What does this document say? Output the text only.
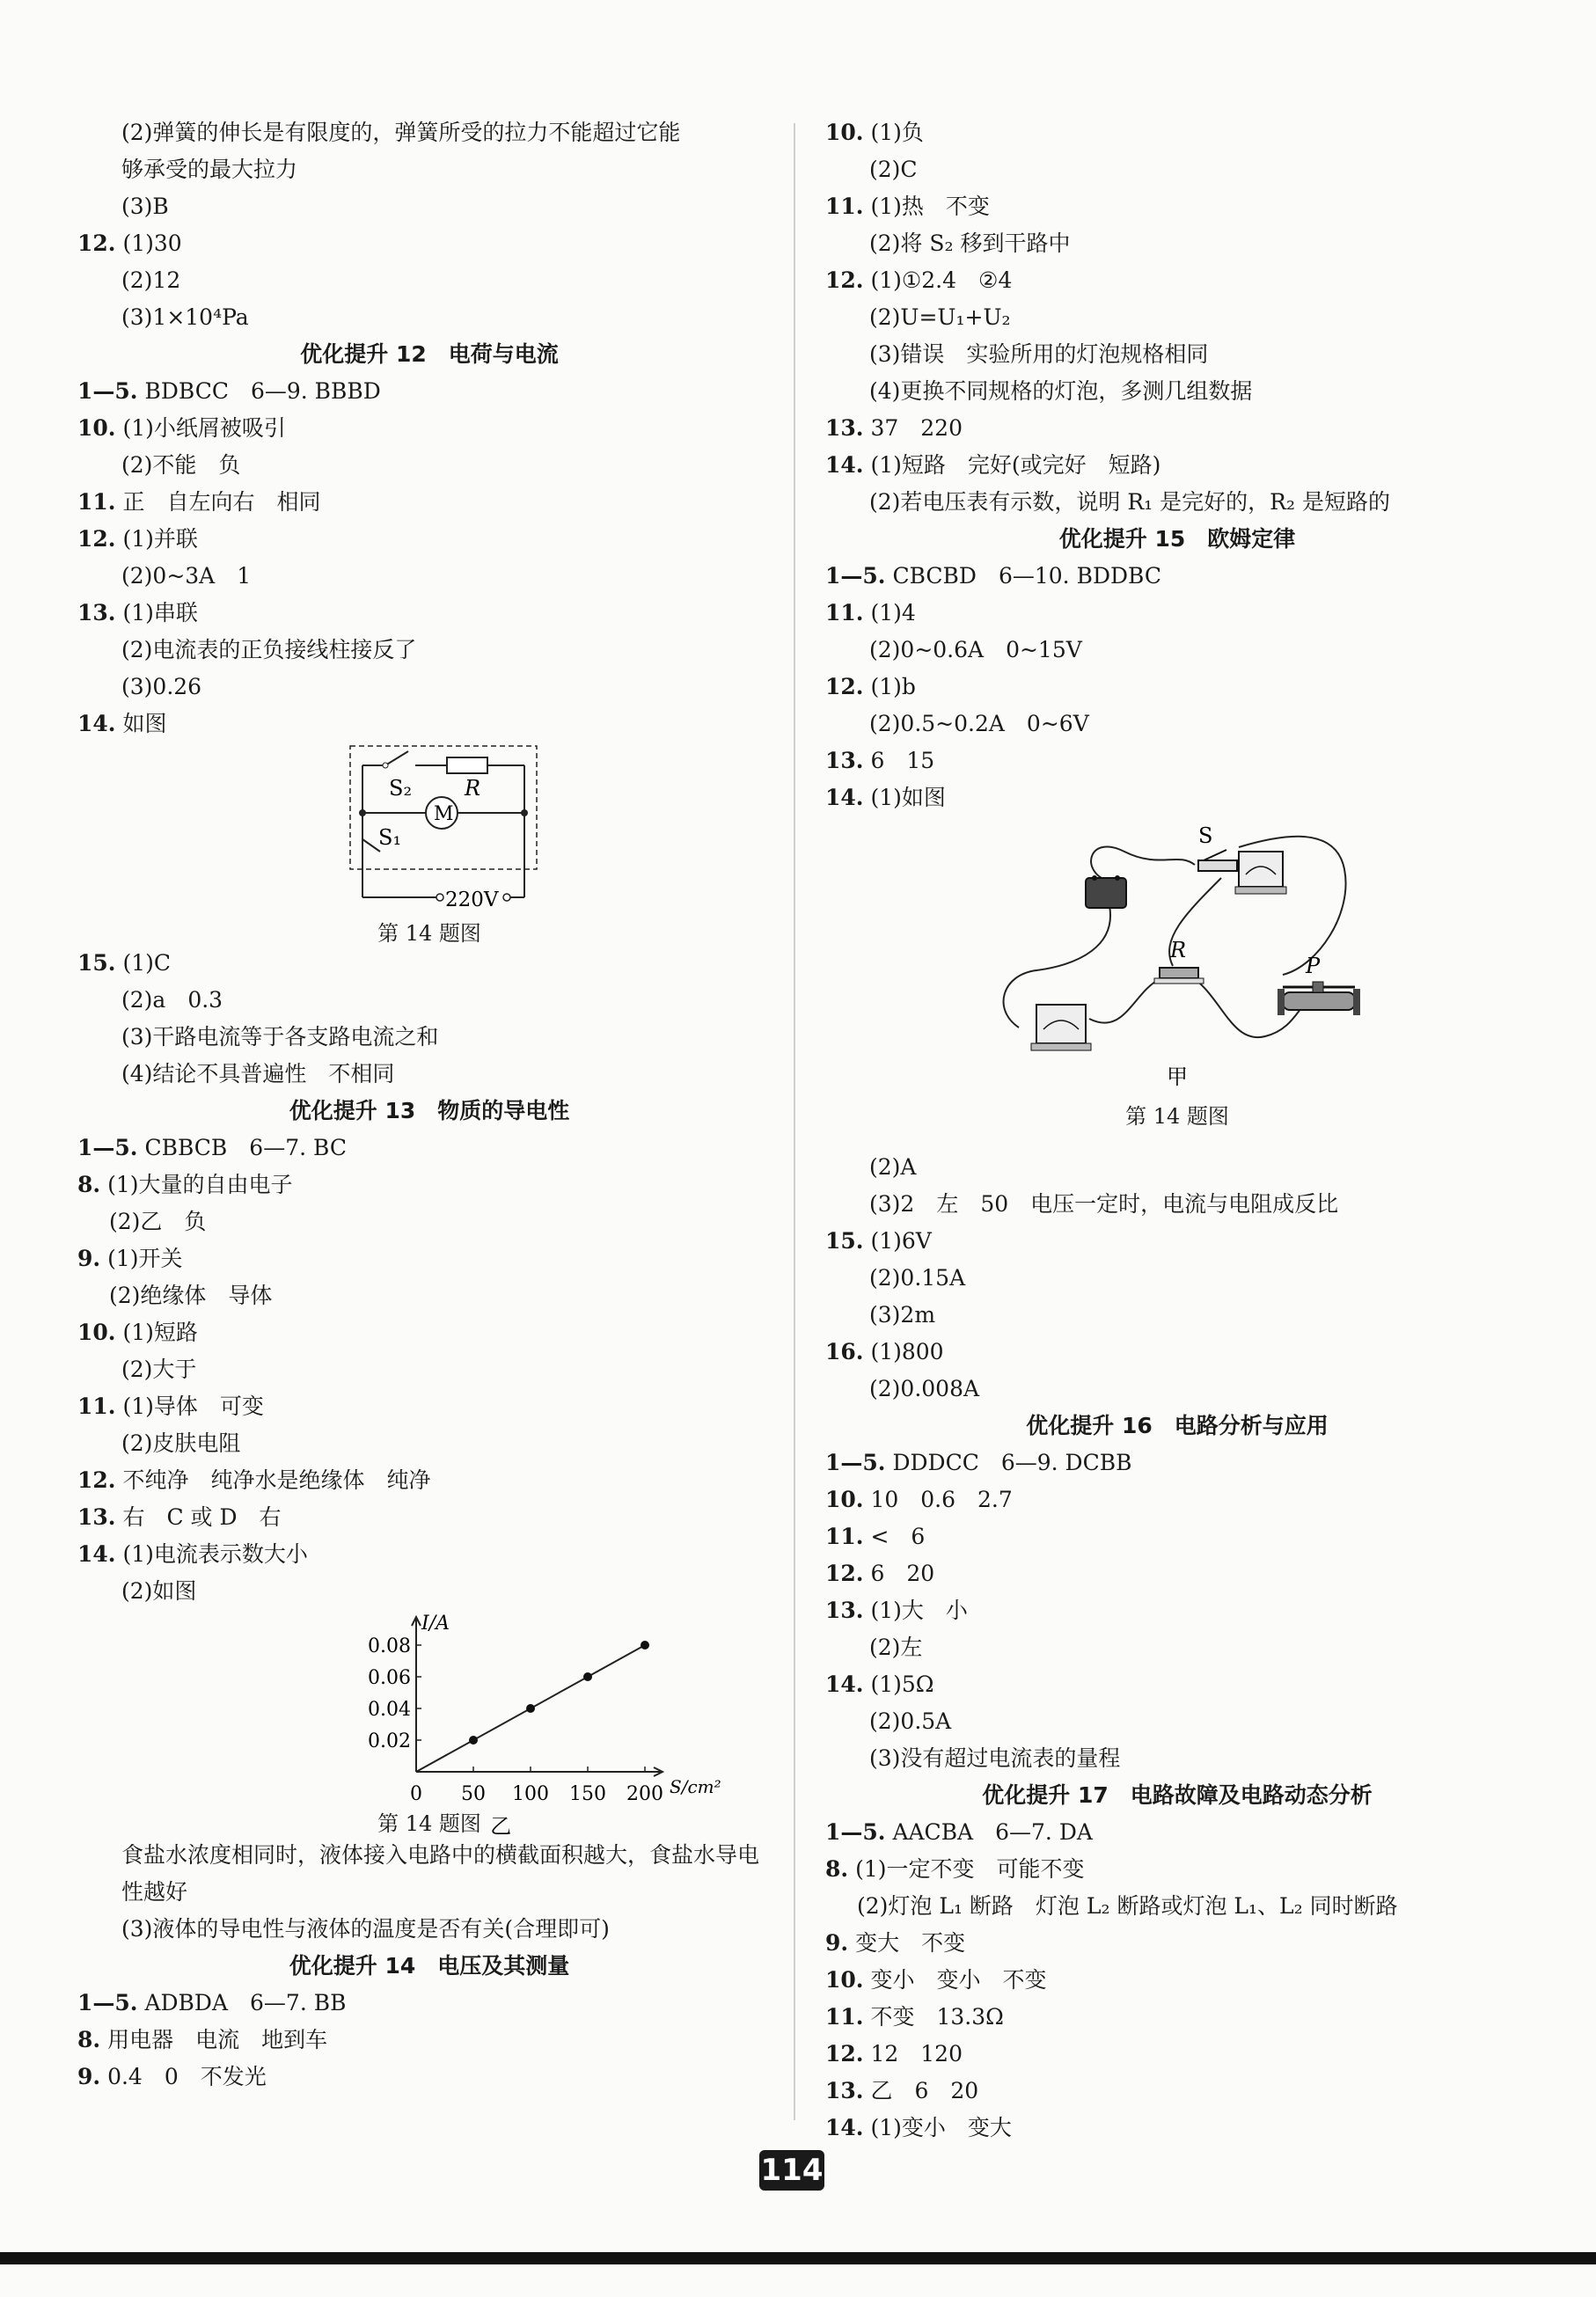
(2)弹簧的伸长是有限度的，弹簧所受的拉力不能超过它能
够承受的最大拉力
(3)B
12. (1)30
(2)12
(3)1×10⁴Pa
优化提升 12　电荷与电流
1—5. BDBCC　6—9. BBBD
10. (1)小纸屑被吸引
(2)不能　负
11. 正　自左向右　相同
12. (1)并联
(2)0~3A　1
13. (1)串联
(2)电流表的正负接线柱接反了
(3)0.26
14. 如图
S₂ R
M
S₁
220V
第 14 题图
15. (1)C
(2)a　0.3
(3)干路电流等于各支路电流之和
(4)结论不具普遍性　不相同
优化提升 13　物质的导电性
1—5. CBBCB　6—7. BC
8. (1)大量的自由电子
(2)乙　负
9. (1)开关
(2)绝缘体　导体
10. (1)短路
(2)大于
11. (1)导体　可变
(2)皮肤电阻
12. 不纯净　纯净水是绝缘体　纯净
13. 右　C 或 D　右
14. (1)电流表示数大小
(2)如图
I/A
S/cm²
0.02
0.04
0.06
0.08
0 50 100 150 200
乙
第 14 题图
食盐水浓度相同时，液体接入电路中的横截面积越大，食盐水导电性越好
(3)液体的导电性与液体的温度是否有关(合理即可)
优化提升 14　电压及其测量
1—5. ADBDA　6—7. BB
8. 用电器　电流　地到车
9. 0.4　0　不发光
10. (1)负
(2)C
11. (1)热　不变
(2)将 S₂ 移到干路中
12. (1)①2.4　②4
(2)U=U₁+U₂
(3)错误　实验所用的灯泡规格相同
(4)更换不同规格的灯泡，多测几组数据
13. 37　220
14. (1)短路　完好(或完好　短路)
(2)若电压表有示数，说明 R₁ 是完好的，R₂ 是短路的
优化提升 15　欧姆定律
1—5. CBCBD　6—10. BDDBC
11. (1)4
(2)0~0.6A　0~15V
12. (1)b
(2)0.5~0.2A　0~6V
13. 6　15
14. (1)如图
S
R
P
甲
第 14 题图
(2)A
(3)2　左　50　电压一定时，电流与电阻成反比
15. (1)6V
(2)0.15A
(3)2m
16. (1)800
(2)0.008A
优化提升 16　电路分析与应用
1—5. DDDCC　6—9. DCBB
10. 10　0.6　2.7
11. <　6
12. 6　20
13. (1)大　小
(2)左
14. (1)5Ω
(2)0.5A
(3)没有超过电流表的量程
优化提升 17　电路故障及电路动态分析
1—5. AACBA　6—7. DA
8. (1)一定不变　可能不变
(2)灯泡 L₁ 断路　灯泡 L₂ 断路或灯泡 L₁、L₂ 同时断路
9. 变大　不变
10. 变小　变小　不变
11. 不变　13.3Ω
12. 12　120
13. 乙　6　20
14. (1)变小　变大
114
